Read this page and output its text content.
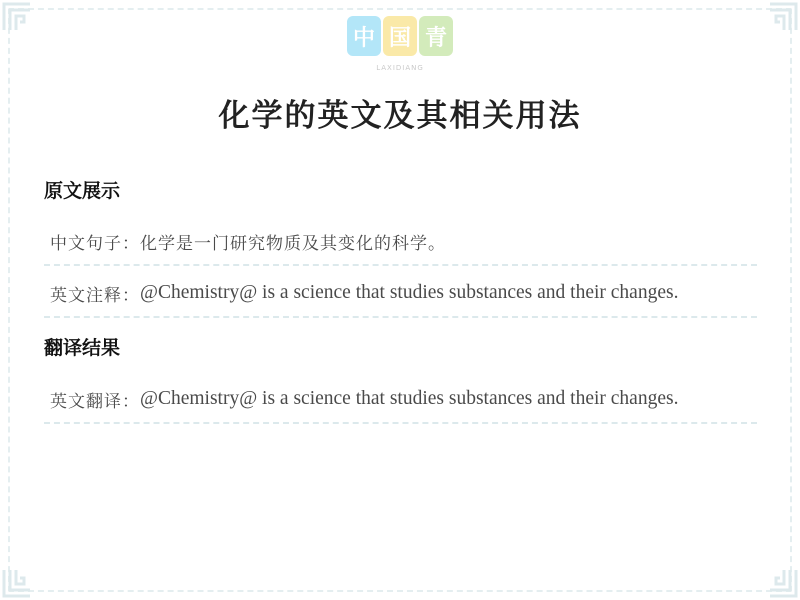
中 国 青
LAXIDIANG
化学的英文及其相关用法
原文展示
中文句子： 化学是一门研究物质及其变化的科学。
英文注释： @Chemistry@ is a science that studies substances and their changes.
翻译结果
英文翻译： @Chemistry@ is a science that studies substances and their changes.
